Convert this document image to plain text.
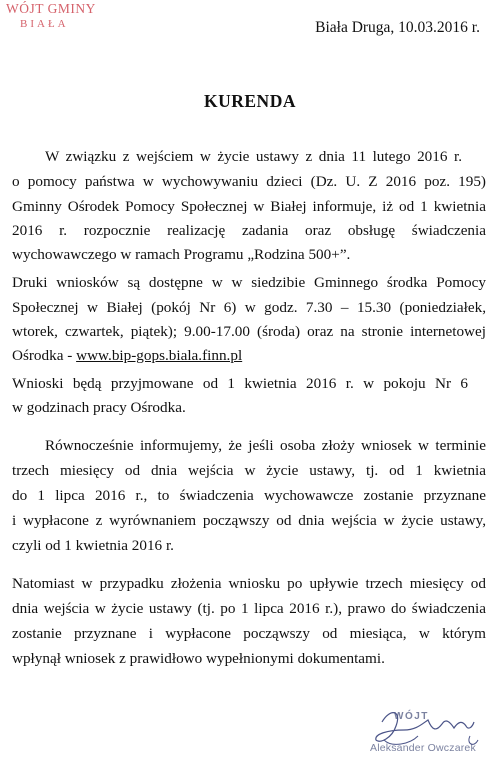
WÓJT GMINY
BIAŁA	Biała Druga, 10.03.2016 r.
KURENDA
W związku z wejściem w życie ustawy z dnia 11 lutego 2016 r.
o pomocy państwa w wychowywaniu dzieci (Dz. U. Z 2016 poz. 195)
Gminny Ośrodek Pomocy Społecznej w Białej informuje, iż od 1 kwietnia
2016 r. rozpocznie realizację zadania oraz obsługę świadczenia
wychowawczego w ramach Programu „Rodzina 500+”.
Druki wniosków są dostępne w w siedzibie Gminnego środka Pomocy
Społecznej w Białej (pokój Nr 6) w godz. 7.30 – 15.30 (poniedziałek,
wtorek, czwartek, piątek); 9.00-17.00 (środa) oraz na stronie internetowej
Ośrodka - www.bip-gops.biala.finn.pl
Wnioski będą przyjmowane od 1 kwietnia 2016 r. w pokoju Nr 6
w godzinach pracy Ośrodka.
Równocześnie informujemy, że jeśli osoba złoży wniosek w terminie
trzech miesięcy od dnia wejścia w życie ustawy, tj. od 1 kwietnia
do 1 lipca 2016 r., to świadczenia wychowawcze zostanie przyznane
i wypłacone z wyrównaniem począwszy od dnia wejścia w życie ustawy,
czyli od 1 kwietnia 2016 r.
Natomiast w przypadku złożenia wniosku po upływie trzech miesięcy od
dnia wejścia w życie ustawy (tj. po 1 lipca 2016 r.), prawo do świadczenia
zostanie przyznane i wypłacone począwszy od miesiąca, w którym
wpłynął wniosek z prawidłowo wypełnionymi dokumentami.
WÓJT
Aleksander Owczarek
